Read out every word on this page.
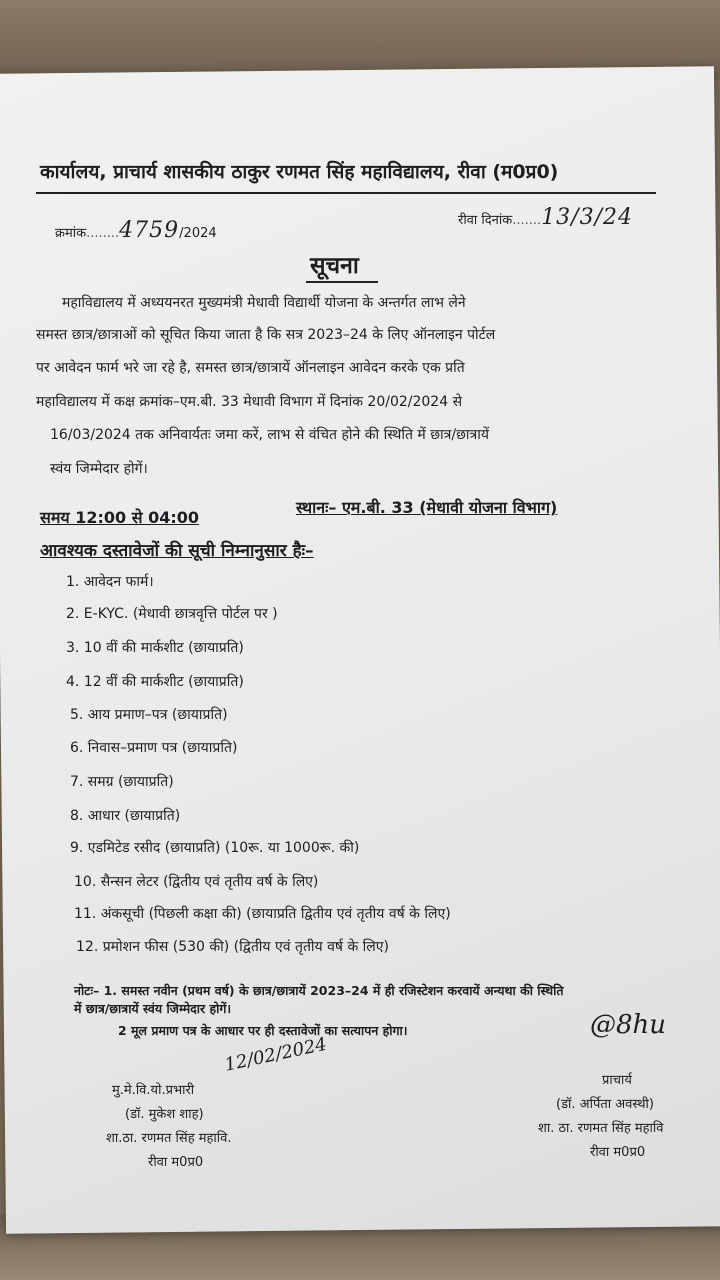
कार्यालय, प्राचार्य शासकीय ठाकुर रणमत सिंह महाविद्यालय, रीवा (म0प्र0)
क्रमांक........4759/2024
रीवा दिनांक.......13/3/24
सूचना
महाविद्यालय में अध्ययनरत मुख्यमंत्री मेधावी विद्यार्थी योजना के अन्तर्गत लाभ लेने
समस्त छात्र/छात्राओं को सूचित किया जाता है कि सत्र 2023–24 के लिए ऑनलाइन पोर्टल
पर आवेदन फार्म भरे जा रहे है, समस्त छात्र/छात्रायें ऑनलाइन आवेदन करके एक प्रति
महाविद्यालय में कक्ष क्रमांक–एम.बी. 33 मेधावी विभाग में दिनांक 20/02/2024 से
16/03/2024 तक अनिवार्यतः जमा करें, लाभ से वंचित होने की स्थिति में छात्र/छात्रायें
स्वंय जिम्मेदार होगें।
समय 12:00 से 04:00
स्थानः– एम.बी. 33 (मेधावी योजना विभाग)
आवश्यक दस्तावेजों की सूची निम्नानुसार हैः–
1. आवेदन फार्म।
2. E-KYC. (मेधावी छात्रवृत्ति पोर्टल पर )
3. 10 वीं की मार्कशीट (छायाप्रति)
4. 12 वीं की मार्कशीट (छायाप्रति)
5. आय प्रमाण–पत्र (छायाप्रति)
6. निवास–प्रमाण पत्र (छायाप्रति)
7. समग्र (छायाप्रति)
8. आधार (छायाप्रति)
9. एडमिटेड रसीद (छायाप्रति) (10रू. या 1000रू. की)
10. सैन्सन लेटर (द्वितीय एवं तृतीय वर्ष के लिए)
11. अंकसूची (पिछली कक्षा की) (छायाप्रति द्वितीय एवं तृतीय वर्ष के लिए)
12. प्रमोशन फीस (530 की) (द्वितीय एवं तृतीय वर्ष के लिए)
नोटः– 1. समस्त नवीन (प्रथम वर्ष) के छात्र/छात्रायें 2023–24 में ही रजिस्टेशन करवायें अन्यथा की स्थिति
में छात्र/छात्रायें स्वंय जिम्मेदार होगें।
2 मूल प्रमाण पत्र के आधार पर ही दस्तावेजों का सत्यापन होगा।	@8hu
प्राचार्य
(डॉ. अर्पिता अवस्थी)
शा. ठा. रणमत सिंह महावि
रीवा म0प्र0
12/02/2024
मु.मे.वि.यो.प्रभारी
(डॉ. मुकेश शाह)
शा.ठा. रणमत सिंह महावि.
रीवा म0प्र0
